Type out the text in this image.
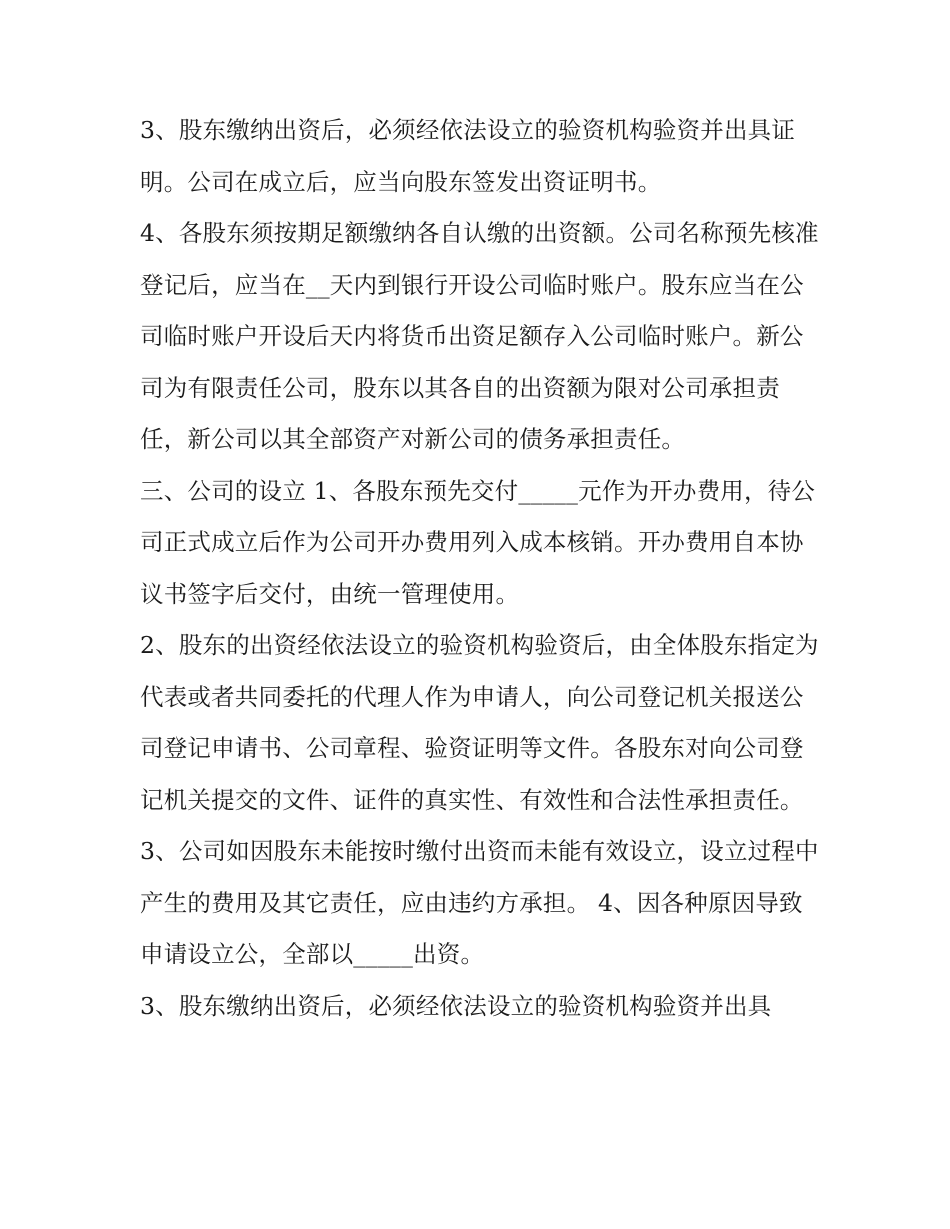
3、股东缴纳出资后，必须经依法设立的验资机构验资并出具证明。公司在成立后，应当向股东签发出资证明书。

4、各股东须按期足额缴纳各自认缴的出资额。公司名称预先核准登记后，应当在__天内到银行开设公司临时账户。股东应当在公司临时账户开设后天内将货币出资足额存入公司临时账户。新公司为有限责任公司，股东以其各自的出资额为限对公司承担责任，新公司以其全部资产对新公司的债务承担责任。

三、公司的设立 1、各股东预先交付_____元作为开办费用，待公司正式成立后作为公司开办费用列入成本核销。开办费用自本协议书签字后交付，由统一管理使用。

2、股东的出资经依法设立的验资机构验资后，由全体股东指定为代表或者共同委托的代理人作为申请人，向公司登记机关报送公司登记申请书、公司章程、验资证明等文件。各股东对向公司登记机关提交的文件、证件的真实性、有效性和合法性承担责任。

3、公司如因股东未能按时缴付出资而未能有效设立，设立过程中产生的费用及其它责任，应由违约方承担。 4、因各种原因导致申请设立公，全部以_____出资。

3、股东缴纳出资后，必须经依法设立的验资机构验资并出具
